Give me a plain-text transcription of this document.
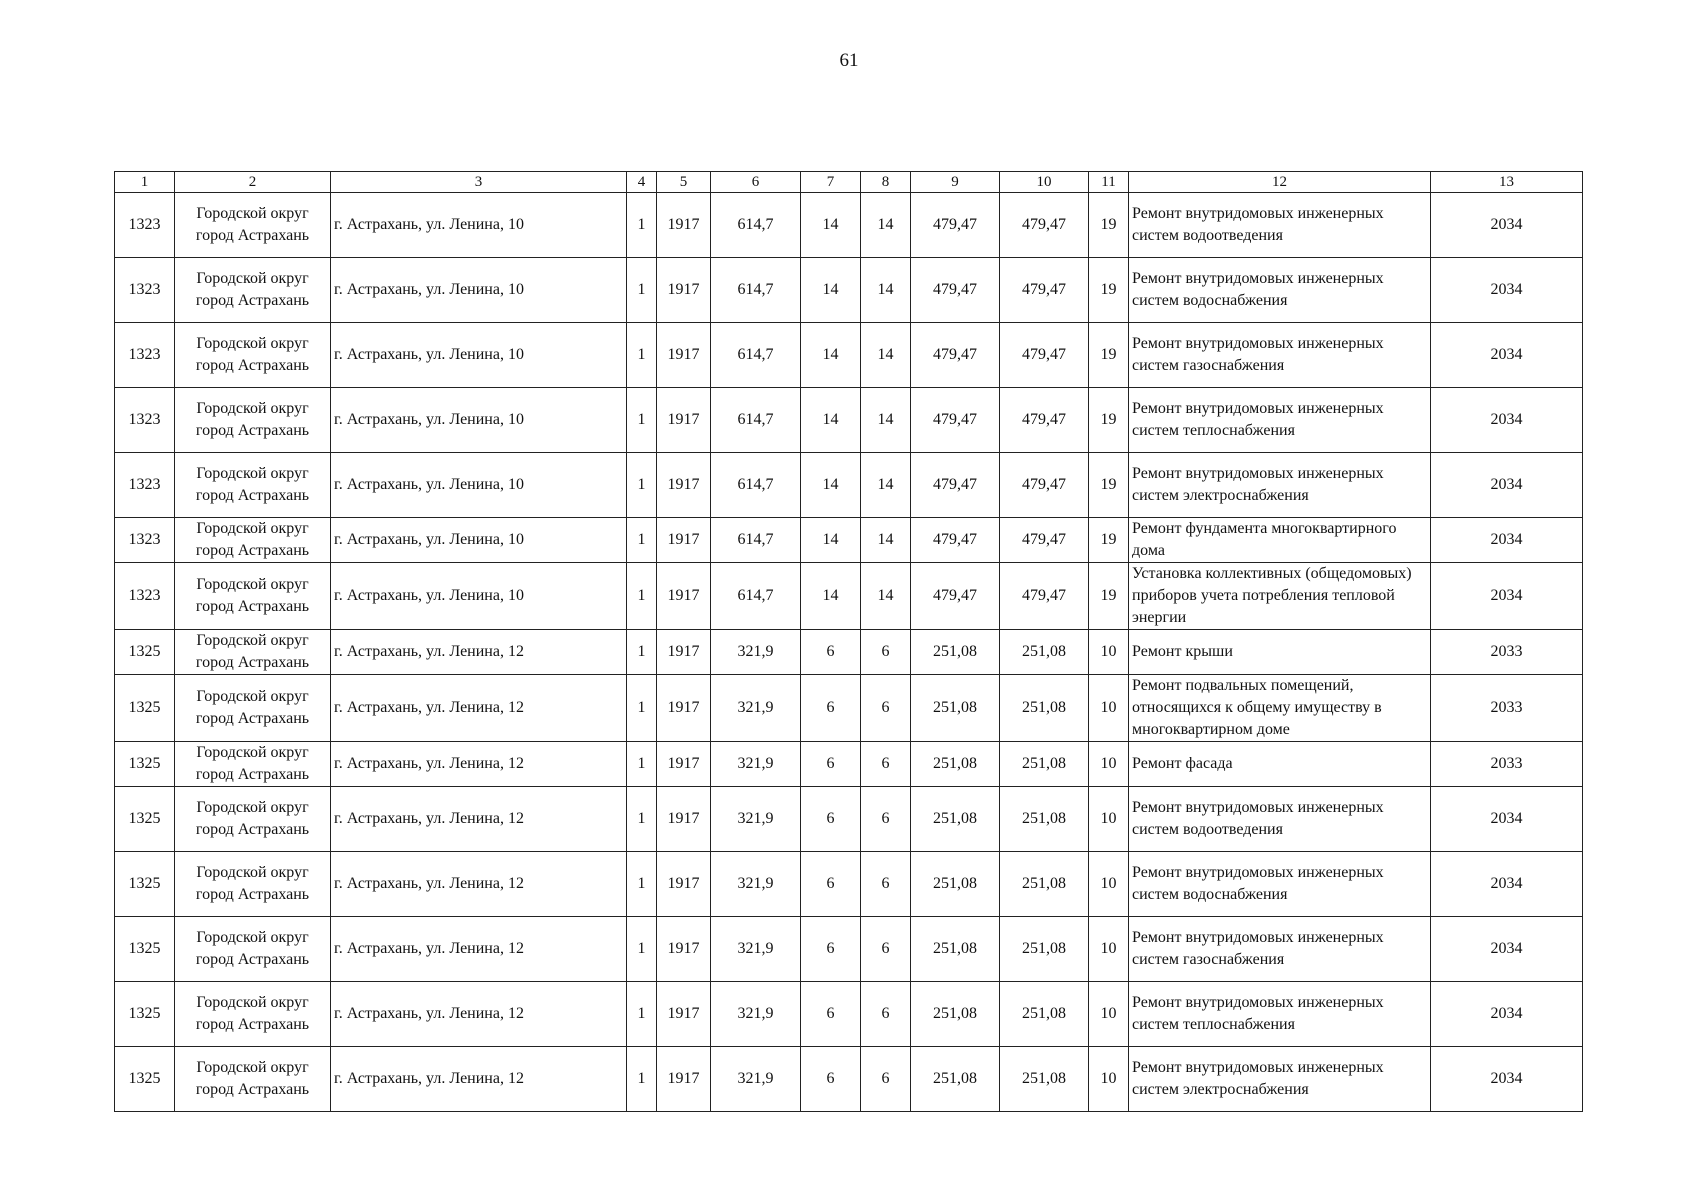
61
1	2	3	4	5	6	7	8	9	10	11	12	13
1323	Городской округ город Астрахань	г. Астрахань, ул. Ленина, 10	1	1917	614,7	14	14	479,47	479,47	19	Ремонт внутридомовых инженерных систем водоотведения	2034
1323	Городской округ город Астрахань	г. Астрахань, ул. Ленина, 10	1	1917	614,7	14	14	479,47	479,47	19	Ремонт внутридомовых инженерных систем водоснабжения	2034
1323	Городской округ город Астрахань	г. Астрахань, ул. Ленина, 10	1	1917	614,7	14	14	479,47	479,47	19	Ремонт внутридомовых инженерных систем газоснабжения	2034
1323	Городской округ город Астрахань	г. Астрахань, ул. Ленина, 10	1	1917	614,7	14	14	479,47	479,47	19	Ремонт внутридомовых инженерных систем теплоснабжения	2034
1323	Городской округ город Астрахань	г. Астрахань, ул. Ленина, 10	1	1917	614,7	14	14	479,47	479,47	19	Ремонт внутридомовых инженерных систем электроснабжения	2034
1323	Городской округ город Астрахань	г. Астрахань, ул. Ленина, 10	1	1917	614,7	14	14	479,47	479,47	19	Ремонт фундамента многоквартирного дома	2034
1323	Городской округ город Астрахань	г. Астрахань, ул. Ленина, 10	1	1917	614,7	14	14	479,47	479,47	19	Установка коллективных (общедомовых) приборов учета потребления тепловой энергии	2034
1325	Городской округ город Астрахань	г. Астрахань, ул. Ленина, 12	1	1917	321,9	6	6	251,08	251,08	10	Ремонт крыши	2033
1325	Городской округ город Астрахань	г. Астрахань, ул. Ленина, 12	1	1917	321,9	6	6	251,08	251,08	10	Ремонт подвальных помещений, относящихся к общему имуществу в многоквартирном доме	2033
1325	Городской округ город Астрахань	г. Астрахань, ул. Ленина, 12	1	1917	321,9	6	6	251,08	251,08	10	Ремонт фасада	2033
1325	Городской округ город Астрахань	г. Астрахань, ул. Ленина, 12	1	1917	321,9	6	6	251,08	251,08	10	Ремонт внутридомовых инженерных систем водоотведения	2034
1325	Городской округ город Астрахань	г. Астрахань, ул. Ленина, 12	1	1917	321,9	6	6	251,08	251,08	10	Ремонт внутридомовых инженерных систем водоснабжения	2034
1325	Городской округ город Астрахань	г. Астрахань, ул. Ленина, 12	1	1917	321,9	6	6	251,08	251,08	10	Ремонт внутридомовых инженерных систем газоснабжения	2034
1325	Городской округ город Астрахань	г. Астрахань, ул. Ленина, 12	1	1917	321,9	6	6	251,08	251,08	10	Ремонт внутридомовых инженерных систем теплоснабжения	2034
1325	Городской округ город Астрахань	г. Астрахань, ул. Ленина, 12	1	1917	321,9	6	6	251,08	251,08	10	Ремонт внутридомовых инженерных систем электроснабжения	2034
